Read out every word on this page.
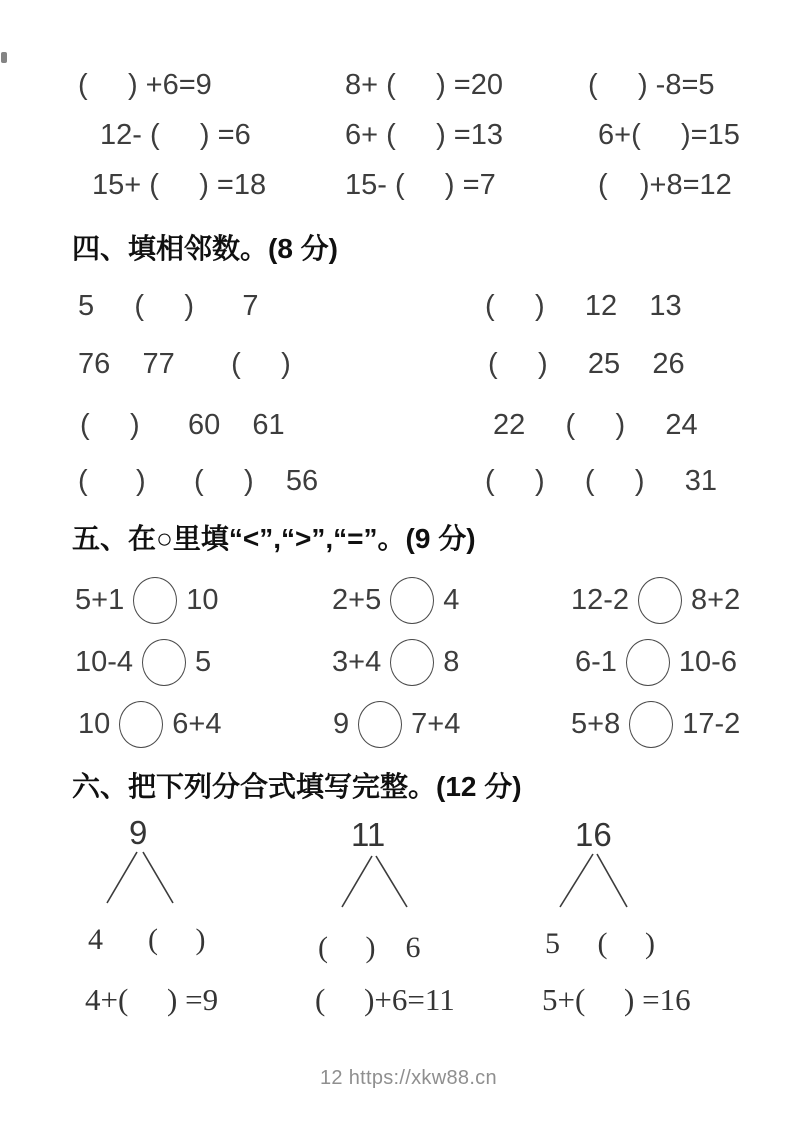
(     ) +6=9	8+ (     ) =20	(     ) -8=5
12- (     ) =6	6+ (     ) =13	6+(     )=15
15+ (     ) =18	15- (     ) =7	(    )+8=12
四、填相邻数。(8 分)
5     (     )      7	(     )     12    13
76    77       (     )	(     )     25    26
(     )      60    61	22     (     )     24
(      )      (     )    56	(     )     (     )     31
五、在○里填“<”,“>”,“=”。(9 分)
5+1 10	2+5 4	12-2 8+2
10-4 5	3+4 8	6-1 10-6
10 6+4	9 7+4	5+8 17-2
六、把下列分合式填写完整。(12 分)
9
4      (     )
11
(     )    6
16
5     (     )
4+(     ) =9	(     )+6=11	5+(     ) =16
12 https://xkw88.cn
